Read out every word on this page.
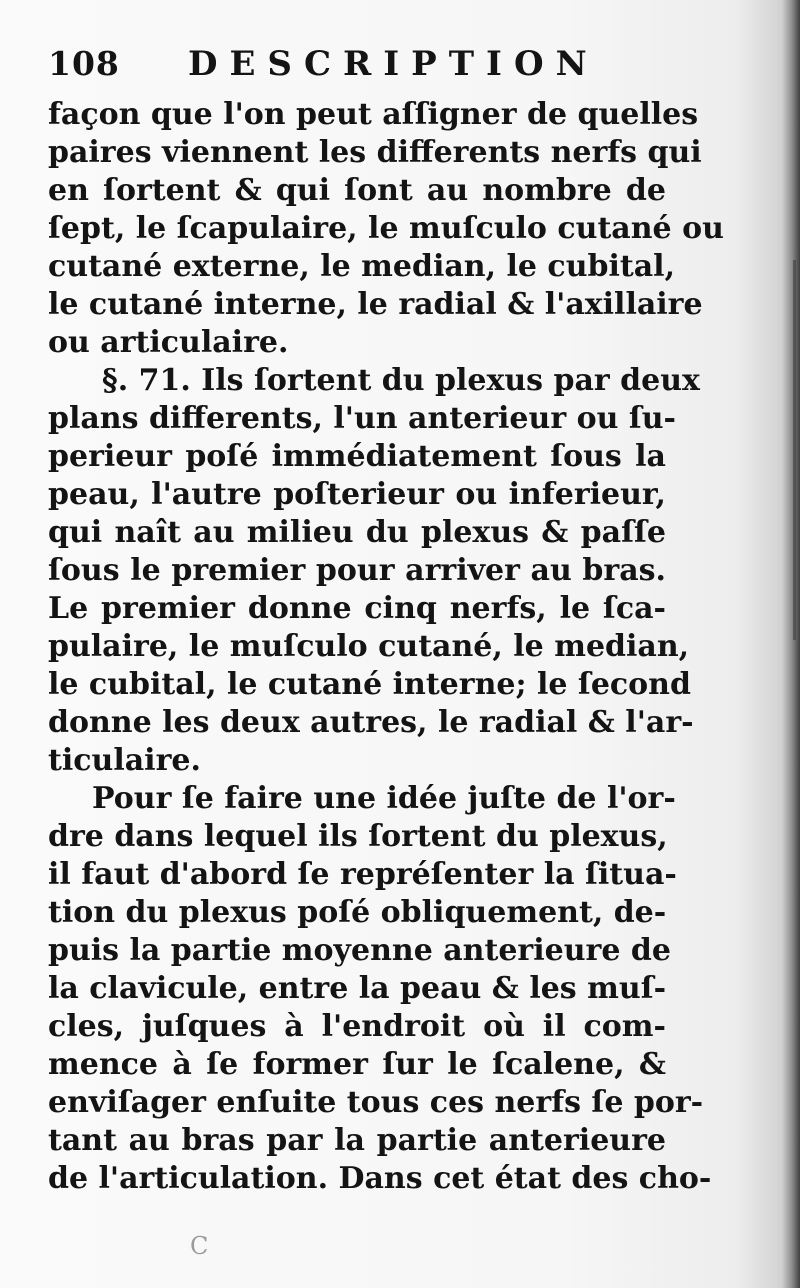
108 DESCRIPTION
façon que l'on peut aſſigner de quelles
paires viennent les differents nerfs qui
en ſortent & qui ſont au nombre de
ſept, le ſcapulaire, le muſculo cutané ou
cutané externe, le median, le cubital,
le cutané interne, le radial & l'axillaire
ou articulaire.
§. 71. Ils ſortent du plexus par deux
plans differents, l'un anterieur ou ſu-
perieur poſé immédiatement ſous la
peau, l'autre poſterieur ou inferieur,
qui naît au milieu du plexus & paſſe
ſous le premier pour arriver au bras.
Le premier donne cinq nerfs, le ſca-
pulaire, le muſculo cutané, le median,
le cubital, le cutané interne; le ſecond
donne les deux autres, le radial & l'ar-
ticulaire.
Pour ſe faire une idée juſte de l'or-
dre dans lequel ils ſortent du plexus,
il faut d'abord ſe repréſenter la ſitua-
tion du plexus poſé obliquement, de-
puis la partie moyenne anterieure de
la clavicule, entre la peau & les muſ-
cles, juſques à l'endroit où il com-
mence à ſe former ſur le ſcalene, &
enviſager enſuite tous ces nerfs ſe por-
tant au bras par la partie anterieure
de l'articulation. Dans cet état des cho-
C
